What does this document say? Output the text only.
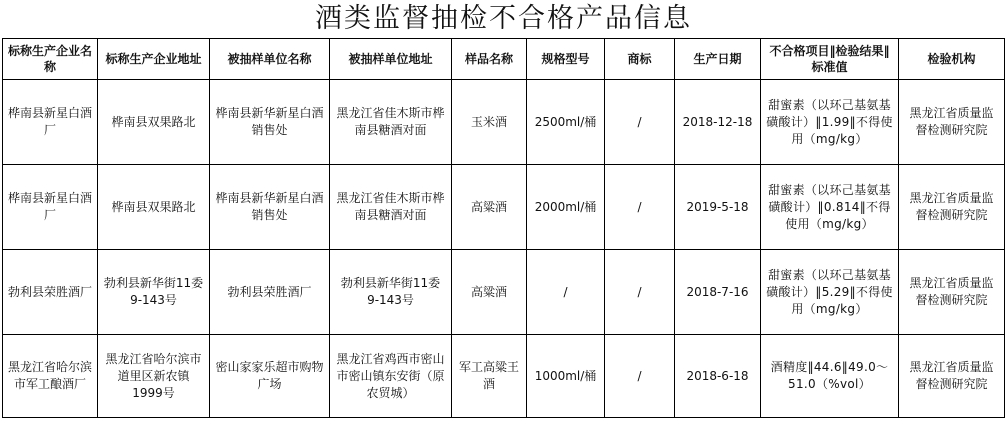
酒类监督抽检不合格产品信息
标称生产企业名称	标称生产企业地址	被抽样单位名称	被抽样单位地址	样品名称	规格型号	商标	生产日期	不合格项目‖检验结果‖标准值	检验机构
桦南县新星白酒厂	桦南县双果路北	桦南县新华新星白酒销售处	黑龙江省佳木斯市桦南县糖酒对面	玉米酒	2500ml/桶	/	2018-12-18	甜蜜素（以环己基氨基磺酸计）‖1.99‖不得使用（mg/kg）	黑龙江省质量监督检测研究院
桦南县新星白酒厂	桦南县双果路北	桦南县新华新星白酒销售处	黑龙江省佳木斯市桦南县糖酒对面	高粱酒	2000ml/桶	/	2019-5-18	甜蜜素（以环己基氨基磺酸计）‖0.814‖不得使用（mg/kg）	黑龙江省质量监督检测研究院
勃利县荣胜酒厂	勃利县新华街11委9-143号	勃利县荣胜酒厂	勃利县新华街11委9-143号	高粱酒	/	/	2018-7-16	甜蜜素（以环己基氨基磺酸计）‖5.29‖不得使用（mg/kg）	黑龙江省质量监督检测研究院
黑龙江省哈尔滨市军工酿酒厂	黑龙江省哈尔滨市道里区新农镇1999号	密山家家乐超市购物广场	黑龙江省鸡西市密山市密山镇东安街（原农贸城）	军工高粱王酒	1000ml/桶	/	2018-6-18	酒精度‖44.6‖49.0～51.0（%vol）	黑龙江省质量监督检测研究院
